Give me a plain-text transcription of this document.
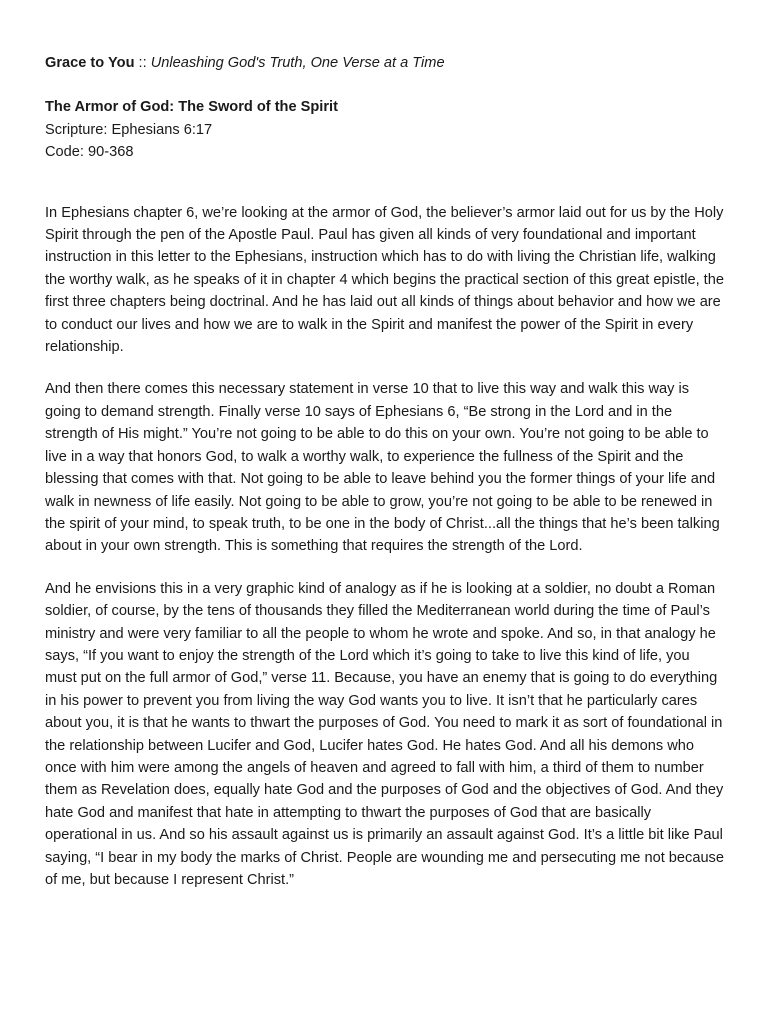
Grace to You :: Unleashing God's Truth, One Verse at a Time

The Armor of God: The Sword of the Spirit

Scripture: Ephesians 6:17

Code: 90-368

In Ephesians chapter 6, we’re looking at the armor of God, the believer’s armor laid out for us by the Holy Spirit through the pen of the Apostle Paul. Paul has given all kinds of very foundational and important instruction in this letter to the Ephesians, instruction which has to do with living the Christian life, walking the worthy walk, as he speaks of it in chapter 4 which begins the practical section of this great epistle, the first three chapters being doctrinal. And he has laid out all kinds of things about behavior and how we are to conduct our lives and how we are to walk in the Spirit and manifest the power of the Spirit in every relationship.

And then there comes this necessary statement in verse 10 that to live this way and walk this way is going to demand strength. Finally verse 10 says of Ephesians 6, “Be strong in the Lord and in the strength of His might.” You’re not going to be able to do this on your own. You’re not going to be able to live in a way that honors God, to walk a worthy walk, to experience the fullness of the Spirit and the blessing that comes with that. Not going to be able to leave behind you the former things of your life and walk in newness of life easily. Not going to be able to grow, you’re not going to be able to be renewed in the spirit of your mind, to speak truth, to be one in the body of Christ...all the things that he’s been talking about in your own strength. This is something that requires the strength of the Lord.

And he envisions this in a very graphic kind of analogy as if he is looking at a soldier, no doubt a Roman soldier, of course, by the tens of thousands they filled the Mediterranean world during the time of Paul’s ministry and were very familiar to all the people to whom he wrote and spoke. And so, in that analogy he says, “If you want to enjoy the strength of the Lord which it’s going to take to live this kind of life, you must put on the full armor of God,” verse 11. Because, you have an enemy that is going to do everything in his power to prevent you from living the way God wants you to live. It isn’t that he particularly cares about you, it is that he wants to thwart the purposes of God. You need to mark it as sort of foundational in the relationship between Lucifer and God, Lucifer hates God. He hates God. And all his demons who once with him were among the angels of heaven and agreed to fall with him, a third of them to number them as Revelation does, equally hate God and the purposes of God and the objectives of God. And they hate God and manifest that hate in attempting to thwart the purposes of God that are basically operational in us. And so his assault against us is primarily an assault against God. It’s a little bit like Paul saying, “I bear in my body the marks of Christ. People are wounding me and persecuting me not because of me, but because I represent Christ.”
